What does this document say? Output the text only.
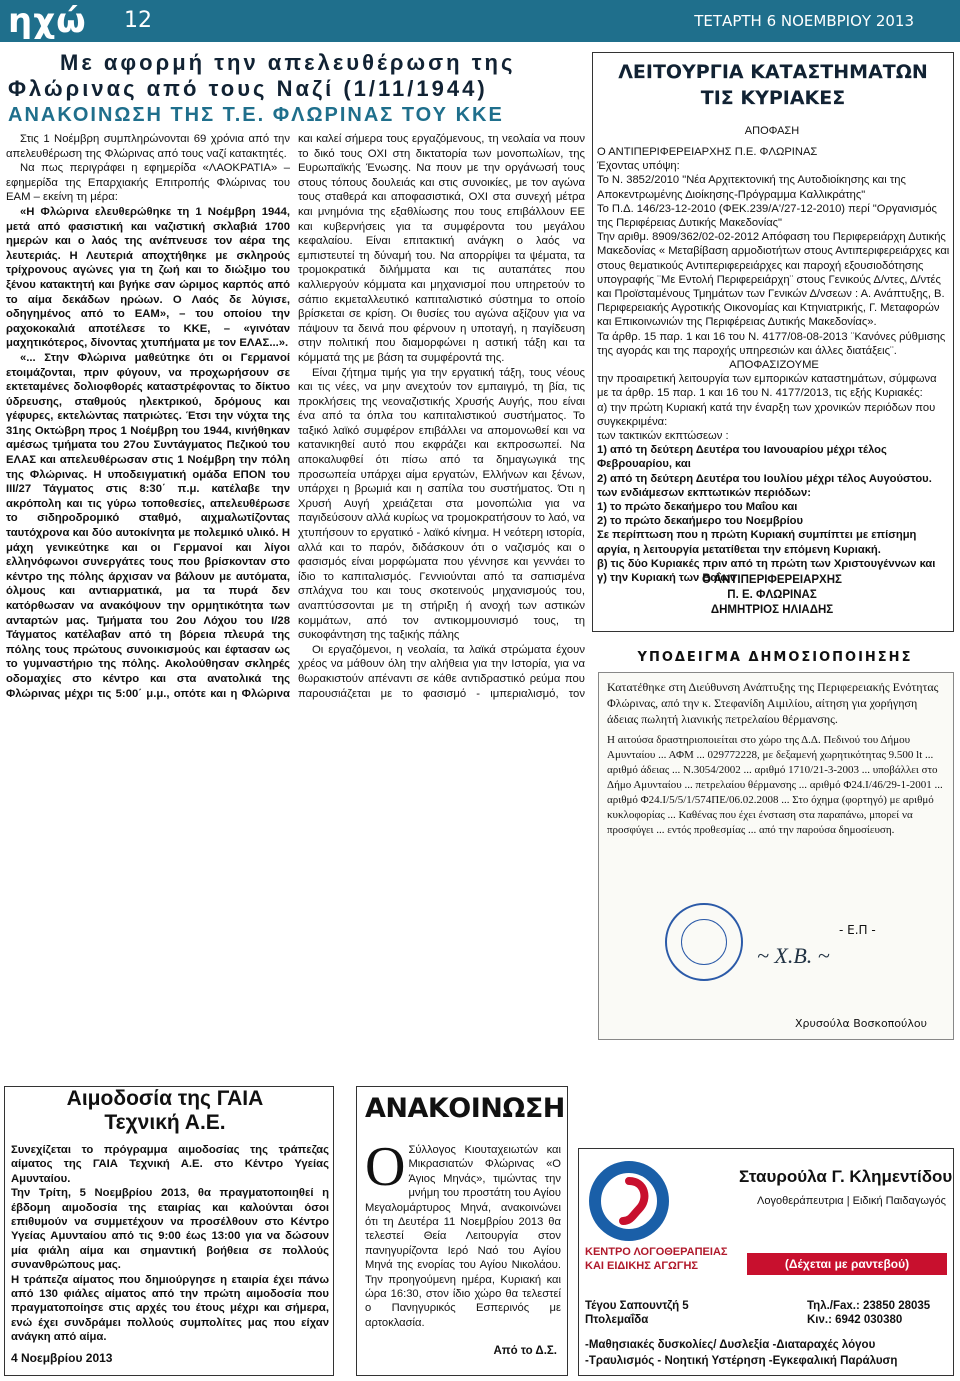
ηχώ 12	ΤΕΤΑΡΤΗ 6 ΝΟΕΜΒΡΙΟΥ 2013
Με αφορμή την απελευθέρωση της
Φλώρινας από τους Ναζί (1/11/1944)
ΑΝΑΚΟΙΝΩΣΗ ΤΗΣ Τ.Ε. ΦΛΩΡΙΝΑΣ ΤΟΥ ΚΚΕ

Στις 1 Νοέμβρη συμπληρώνονται 69 χρόνια από την απελευθέρωση της Φλώρινας από τους ναζί κατακτητές.

Να πως περιγράφει η εφημερίδα «ΛΑΟΚΡΑΤΙΑ» – εφημερίδα της Επαρχιακής Επιτροπής Φλώρινας του ΕΑΜ – εκείνη τη μέρα:

«Η Φλώρινα ελευθερώθηκε τη 1 Νοέμβρη 1944, μετά από φασιστική και ναζιστική σκλαβιά 1700 ημερών και ο λαός της ανέπνευσε τον αέρα της λευτεριάς. Η Λευτεριά αποχτήθηκε με σκληρούς τρίχρονους αγώνες για τη ζωή και το διώξιμο του ξένου κατακτητή και βγήκε σαν ώριμος καρπός από το αίμα δεκάδων ηρώων. Ο Λαός δε λύγισε, οδηγημένος από το ΕΑΜ», – του οποίου την ραχοκοκαλιά αποτέλεσε το ΚΚΕ, – «γινόταν μαχητικότερος, δίνοντας χτυπήματα με τον ΕΛΑΣ...».

«... Στην Φλώρινα μαθεύτηκε ότι οι Γερμανοί ετοιμάζονται, πριν φύγουν, να προχωρήσουν σε εκτεταμένες δολιοφθορές καταστρέφοντας το δίκτυο ύδρευσης, σταθμούς ηλεκτρικού, δρόμους και γέφυρες, εκτελώντας πατριώτες. Έτσι την νύχτα της 31ης Οκτώβρη προς 1 Νοέμβρη του 1944, κινήθηκαν αμέσως τμήματα του 27ου Συντάγματος Πεζικού του ΕΛΑΣ και απελευθέρωσαν στις 1 Νοέμβρη την πόλη της Φλώρινας. Η υποδειγματική ομάδα ΕΠΟΝ του III/27 Τάγματος στις 8:30΄ π.μ. κατέλαβε την ακρόπολη και τις γύρω τοποθεσίες, απελευθέρωσε το σιδηροδρομικό σταθμό, αιχμαλωτίζοντας ταυτόχρονα και δύο αυτοκίνητα με πολεμικό υλικό. Η μάχη γενικεύτηκε και οι Γερμανοί και λίγοι ελληνόφωνοι συνεργάτες τους που βρίσκονταν στο κέντρο της πόλης άρχισαν να βάλουν με αυτόματα, όλμους και αντιαρματικά, μα τα πυρά δεν κατόρθωσαν να ανακόψουν την ορμητικότητα των ανταρτών μας. Τμήματα του 2ου Λόχου του I/28 Τάγματος κατέλαβαν από τη βόρεια πλευρά της πόλης τους πρώτους συνοικισμούς και έφτασαν ως το γυμναστήριο της πόλης. Ακολούθησαν σκληρές οδομαχίες στο κέντρο και στα ανατολικά της Φλώρινας μέχρι τις 5:00΄ μ.μ., οπότε και η Φλώρινα

και καλεί σήμερα τους εργαζόμενους, τη νεολαία να πουν το δικό τους ΟΧΙ στη δικτατορία των μονοπωλίων, της Ευρωπαϊκής Ένωσης. Να πουν με την οργάνωσή τους στους τόπους δουλειάς και στις συνοικίες, με τον αγώνα τους σταθερά και αποφασιστικά, ΟΧΙ στα συνεχή μέτρα και μνημόνια της εξαθλίωσης που τους επιβάλλουν ΕΕ και κυβερνήσεις για τα συμφέροντα του μεγάλου κεφαλαίου. Είναι επιτακτική ανάγκη ο λαός να εμπιστευτεί τη δύναμή του. Να απορρίψει τα ψέματα, τα τρομοκρατικά διλήμματα και τις αυταπάτες που καλλιεργούν κόμματα και μηχανισμοί που υπηρετούν το σάπιο εκμεταλλευτικό καπιταλιστικό σύστημα το οποίο βρίσκεται σε κρίση. Οι θυσίες του αγώνα αξίζουν για να πάψουν τα δεινά που φέρνουν η υποταγή, η παγίδευση στην πολιτική που διαμορφώνει η αστική τάξη και τα κόμματά της με βάση τα συμφέροντά της.

Είναι ζήτημα τιμής για την εργατική τάξη, τους νέους και τις νέες, να μην ανεχτούν τον εμπαιγμό, τη βία, τις προκλήσεις της νεοναζιστικής Χρυσής Αυγής, που είναι ένα από τα όπλα του καπιταλιστικού συστήματος. Το ταξικό λαϊκό συμφέρον επιβάλλει να απομονωθεί και να κατανικηθεί αυτό που εκφράζει και εκπροσωπεί. Να αποκαλυφθεί ότι πίσω από τα δημαγωγικά της προσωπεία υπάρχει αίμα εργατών, Ελλήνων και ξένων, υπάρχει η βρωμιά και η σαπίλα του συστήματος. Ότι η Χρυσή Αυγή χρειάζεται στα μονοπώλια για να παγιδεύσουν αλλά κυρίως να τρομοκρατήσουν το λαό, να χτυπήσουν το εργατικό - λαϊκό κίνημα. Η νεότερη ιστορία, αλλά και το παρόν, διδάσκουν ότι ο ναζισμός και ο φασισμός είναι μορφώματα που γέννησε και γεννάει το ίδιο το καπιταλισμός. Γεννιούνται από τα σαπισμένα σπλάχνα του και τους σκοτεινούς μηχανισμούς του, αναπτύσσονται με τη στήριξη ή ανοχή των αστικών κομμάτων, από τον αντικομμουνισμό τους, τη συκοφάντηση της ταξικής πάλης

Οι εργαζόμενοι, η νεολαία, τα λαϊκά στρώματα έχουν χρέος να μάθουν όλη την αλήθεια για την Ιστορία, για να θωρακιστούν απέναντι σε κάθε αντιδραστικό ρεύμα που παρουσιάζεται με το φασισμό - ιμπεριαλισμό, τον

ΛΕΙΤΟΥΡΓΙΑ ΚΑΤΑΣΤΗΜΑΤΩΝ
ΤΙΣ ΚΥΡΙΑΚΕΣ
ΑΠΟΦΑΣΗ

Ο ΑΝΤΙΠΕΡΙΦΕΡΕΙΑΡΧΗΣ Π.Ε. ΦΛΩΡΙΝΑΣ

Έχοντας υπόψη:

Το Ν. 3852/2010 "Νέα Αρχιτεκτονική της Αυτοδιοίκησης και της Αποκεντρωμένης Διοίκησης-Πρόγραμμα Καλλικράτης"

Το Π.Δ. 146/23-12-2010 (ΦΕΚ.239/Α'/27-12-2010) περί "Οργανισμός της Περιφέρειας Δυτικής Μακεδονίας"

Την αριθμ. 8909/362/02-02-2012 Απόφαση του Περιφερειάρχη Δυτικής Μακεδονίας « Μεταβίβαση αρμοδιοτήτων στους Αντιπεριφερειάρχες και στους θεματικούς Αντιπεριφερειάρχες και παροχή εξουσιοδότησης υπογραφής ¨Με Εντολή Περιφερειάρχη¨ στους Γενικούς Δ/ντες, Δ/ντές και Προϊσταμένους Τμημάτων των Γενικών Δ/νσεων : Α. Ανάπτυξης, Β. Περιφερειακής Αγροτικής Οικονομίας και Κτηνιατρικής, Γ. Μεταφορών και Επικοινωνιών της Περιφέρειας Δυτικής Μακεδονίας».

Τα άρθρ. 15 παρ. 1 και 16 του Ν. 4177/08-08-2013 ¨Κανόνες ρύθμισης της αγοράς και της παροχής υπηρεσιών και άλλες διατάξεις¨.

ΑΠΟΦΑΣΙΖΟΥΜΕ

την προαιρετική λειτουργία των εμπορικών καταστημάτων, σύμφωνα με τα άρθρ. 15 παρ. 1 και 16 του Ν. 4177/2013, τις εξής Κυριακές:

α) την πρώτη Κυριακή κατά την έναρξη των χρονικών περιόδων που συγκεκριμένα:

των τακτικών εκπτώσεων :

1) από τη δεύτερη Δευτέρα του Ιανουαρίου μέχρι τέλος Φεβρουαρίου, και

2) από τη δεύτερη Δευτέρα του Ιουλίου μέχρι τέλος Αυγούστου.

των ενδιάμεσων εκπτωτικών περιόδων:

1) το πρώτο δεκαήμερο του Μαΐου και

2) το πρώτο δεκαήμερο του Νοεμβρίου

Σε περίπτωση που η πρώτη Κυριακή συμπίπτει με επίσημη αργία, η λειτουργία μετατίθεται την επόμενη Κυριακή.

β) τις δύο Κυριακές πριν από τη πρώτη των Χριστουγέννων και

γ) την Κυριακή των Βαΐων

Ο ΑΝΤΙΠΕΡΙΦΕΡΕΙΑΡΧΗΣ
Π. Ε. ΦΛΩΡΙΝΑΣ
ΔΗΜΗΤΡΙΟΣ ΗΛΙΑΔΗΣ
ΥΠΟΔΕΙΓΜΑ ΔΗΜΟΣΙΟΠΟΙΗΣΗΣ
Κατατέθηκε στη Διεύθυνση Ανάπτυξης της Περιφερειακής Ενότητας Φλώρινας, από την κ. Στεφανίδη Αιμιλίου, αίτηση για χορήγηση άδειας πωλητή λιανικής πετρελαίου θέρμανσης.
Η αιτούσα δραστηριοποιείται στο χώρο της Δ.Δ. Πεδινού του Δήμου Αμυνταίου ... ΑΦΜ ... 029772228, με δεξαμενή χωρητικότητας 9.500 lt ... αριθμό άδειας ... Ν.3054/2002 ... αριθμό 1710/21-3-2003 ... υποβάλλει στο Δήμο Αμυνταίου ... πετρελαίου θέρμανσης ... αριθμό Φ24.Ι/46/29-1-2001 ... αριθμό Φ24.Ι/5/5/1/574ΠΕ/06.02.2008 ... Στο όχημα (φορτηγό) με αριθμό κυκλοφορίας ... Καθένας που έχει ένσταση στα παραπάνω, μπορεί να προσφύγει ... εντός προθεσμίας ... από την παρούσα δημοσίευση.
- Ε.Π -
~ Χ.Β. ~
Χρυσούλα Βοσκοπούλου
Αιμοδοσία της ΓΑΙΑ
Τεχνική Α.Ε.

Συνεχίζεται το πρόγραμμα αιμοδοσίας της τράπεζας αίματος της ΓΑΙΑ Τεχνική Α.Ε. στο Κέντρο Υγείας Αμυνταίου.

Την Τρίτη, 5 Νοεμβρίου 2013, θα πραγματοποιηθεί η έβδομη αιμοδοσία της εταιρίας και καλούνται όσοι επιθυμούν να συμμετέχουν να προσέλθουν στο Κέντρο Υγείας Αμυνταίου από τις 9:00 έως 13:00 για να δώσουν μία φιάλη αίμα και σημαντική βοήθεια σε πολλούς συνανθρώπους μας.

Η τράπεζα αίματος που δημιούργησε η εταιρία έχει πάνω από 130 φιάλες αίματος από την πρώτη αιμοδοσία που πραγματοποίησε στις αρχές του έτους μέχρι και σήμερα, ενώ έχει συνδράμει πολλούς συμπολίτες μας που είχαν ανάγκη από αίμα.

4 Νοεμβρίου 2013
ΑΝΑΚΟΙΝΩΣΗ
Ο Σύλλογος Κιουταχειωτών και Μικρασιατών Φλώρινας «Ο Άγιος Μηνάς», τιμώντας την μνήμη του προστάτη του Αγίου Μεγαλομάρτυρος Μηνά, ανακοινώνει ότι τη Δευτέρα 11 Νοεμβρίου 2013 θα τελεστεί Θεία Λειτουργία στον πανηγυρίζοντα Ιερό Ναό του Αγίου Μηνά της ενορίας του Αγίου Νικολάου. Την προηγούμενη ημέρα, Κυριακή και ώρα 16:30, στον ίδιο χώρο θα τελεστεί ο Πανηγυρικός Εσπερινός με αρτοκλασία.
Από το Δ.Σ.
Σταυρούλα Γ. Κλημεντίδου
Λογοθεράπευτρια | Ειδική Παιδαγωγός
ΚΕΝΤΡΟ ΛΟΓΟΘΕΡΑΠΕΙΑΣ
ΚΑΙ ΕΙΔΙΚΗΣ ΑΓΩΓΗΣ	(Δέχεται με ραντεβού)
Τέγου Σαπουντζή 5
Πτολεμαΐδα
Τηλ./Fax.: 23850 28035
Κιν.: 6942 030380
-Μαθησιακές δυσκολίες/ Δυσλεξία -Διαταραχές λόγου
-Τραυλισμός - Νοητική Υστέρηση -Εγκεφαλική Παράλυση
